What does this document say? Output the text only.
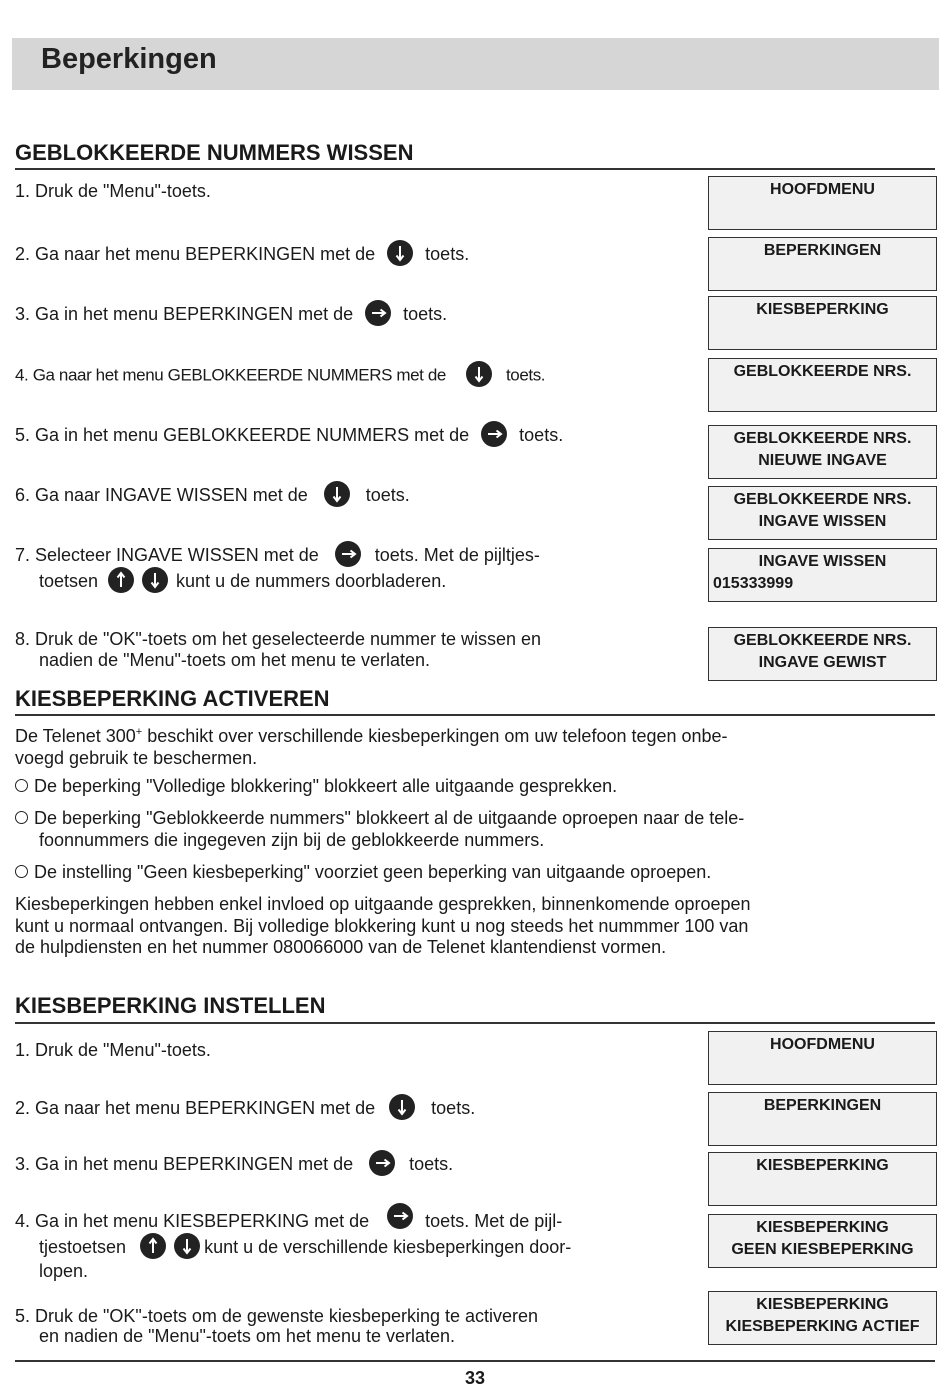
Beperkingen
GEBLOKKEERDE NUMMERS WISSEN
1. Druk de "Menu"-toets.
2. Ga naar het menu BEPERKINGEN met de	toets.
3. Ga in het menu BEPERKINGEN met de	toets.
4. Ga naar het menu GEBLOKKEERDE NUMMERS met de	toets.
5. Ga in het menu GEBLOKKEERDE NUMMERS met de	toets.
6. Ga naar INGAVE WISSEN met de	toets.
7. Selecteer INGAVE WISSEN met de	toets. Met de pijltjes-
toetsen	kunt u de nummers doorbladeren.
8. Druk de "OK"-toets om het geselecteerde nummer te wissen en
nadien de "Menu"-toets om het menu te verlaten.
HOOFDMENU
BEPERKINGEN
KIESBEPERKING
GEBLOKKEERDE NRS.
GEBLOKKEERDE NRS.
NIEUWE INGAVE
GEBLOKKEERDE NRS.
INGAVE WISSEN
INGAVE WISSEN
015333999
GEBLOKKEERDE NRS.
INGAVE GEWIST
KIESBEPERKING ACTIVEREN
De Telenet 300+ beschikt over verschillende kiesbeperkingen om uw telefoon tegen onbe-
voegd gebruik te beschermen.
De beperking "Volledige blokkering" blokkeert alle uitgaande gesprekken.
De beperking "Geblokkeerde nummers" blokkeert al de uitgaande oproepen naar de tele-
foonnummers die ingegeven zijn bij de geblokkeerde nummers.
De instelling "Geen kiesbeperking" voorziet geen beperking van uitgaande oproepen.
Kiesbeperkingen hebben enkel invloed op uitgaande gesprekken, binnenkomende oproepen
kunt u normaal ontvangen. Bij volledige blokkering kunt u nog steeds het nummmer 100 van
de hulpdiensten en het nummer 080066000 van de Telenet klantendienst vormen.
KIESBEPERKING INSTELLEN
1. Druk de "Menu"-toets.
2. Ga naar het menu BEPERKINGEN met de	toets.
3. Ga in het menu BEPERKINGEN met de	toets.
4. Ga in het menu KIESBEPERKING met de	toets. Met de pijl-
tjestoetsen	kunt u de verschillende kiesbeperkingen door-
lopen.
5. Druk de "OK"-toets om de gewenste kiesbeperking te activeren
en nadien de "Menu"-toets om het menu te verlaten.
HOOFDMENU
BEPERKINGEN
KIESBEPERKING
KIESBEPERKING
GEEN KIESBEPERKING
KIESBEPERKING
KIESBEPERKING ACTIEF
33
